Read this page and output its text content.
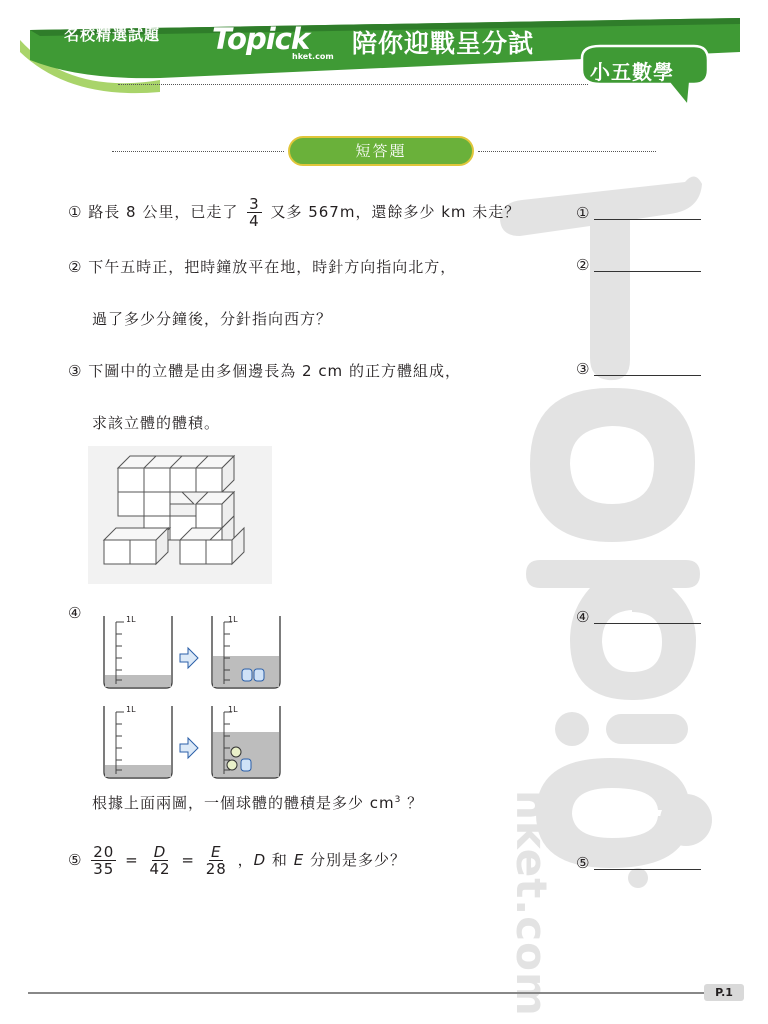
名校精選試題 Topick
hket.com 陪你迎戰呈分試
小五數學
hket.com
短答題
① 路長 8 公里，已走了 $\frac{3}{4}$ 又多 567m，還餘多少 km 未走？	①
② 下午五時正，把時鐘放平在地，時針方向指向北方，
過了多少分鐘後，分針指向西方？
②
③ 下圖中的立體是由多個邊長為 2 cm 的正方體組成，
求該立體的體積。
③
④	④
1L	1L
1L	1L
根據上面兩圖，一個球體的體積是多少 $cm^3$ ？
⑤ $\frac{20}{35} = \frac{D}{42} = \frac{E}{28}$ ，D 和 E 分別是多少？	⑤
P.1
